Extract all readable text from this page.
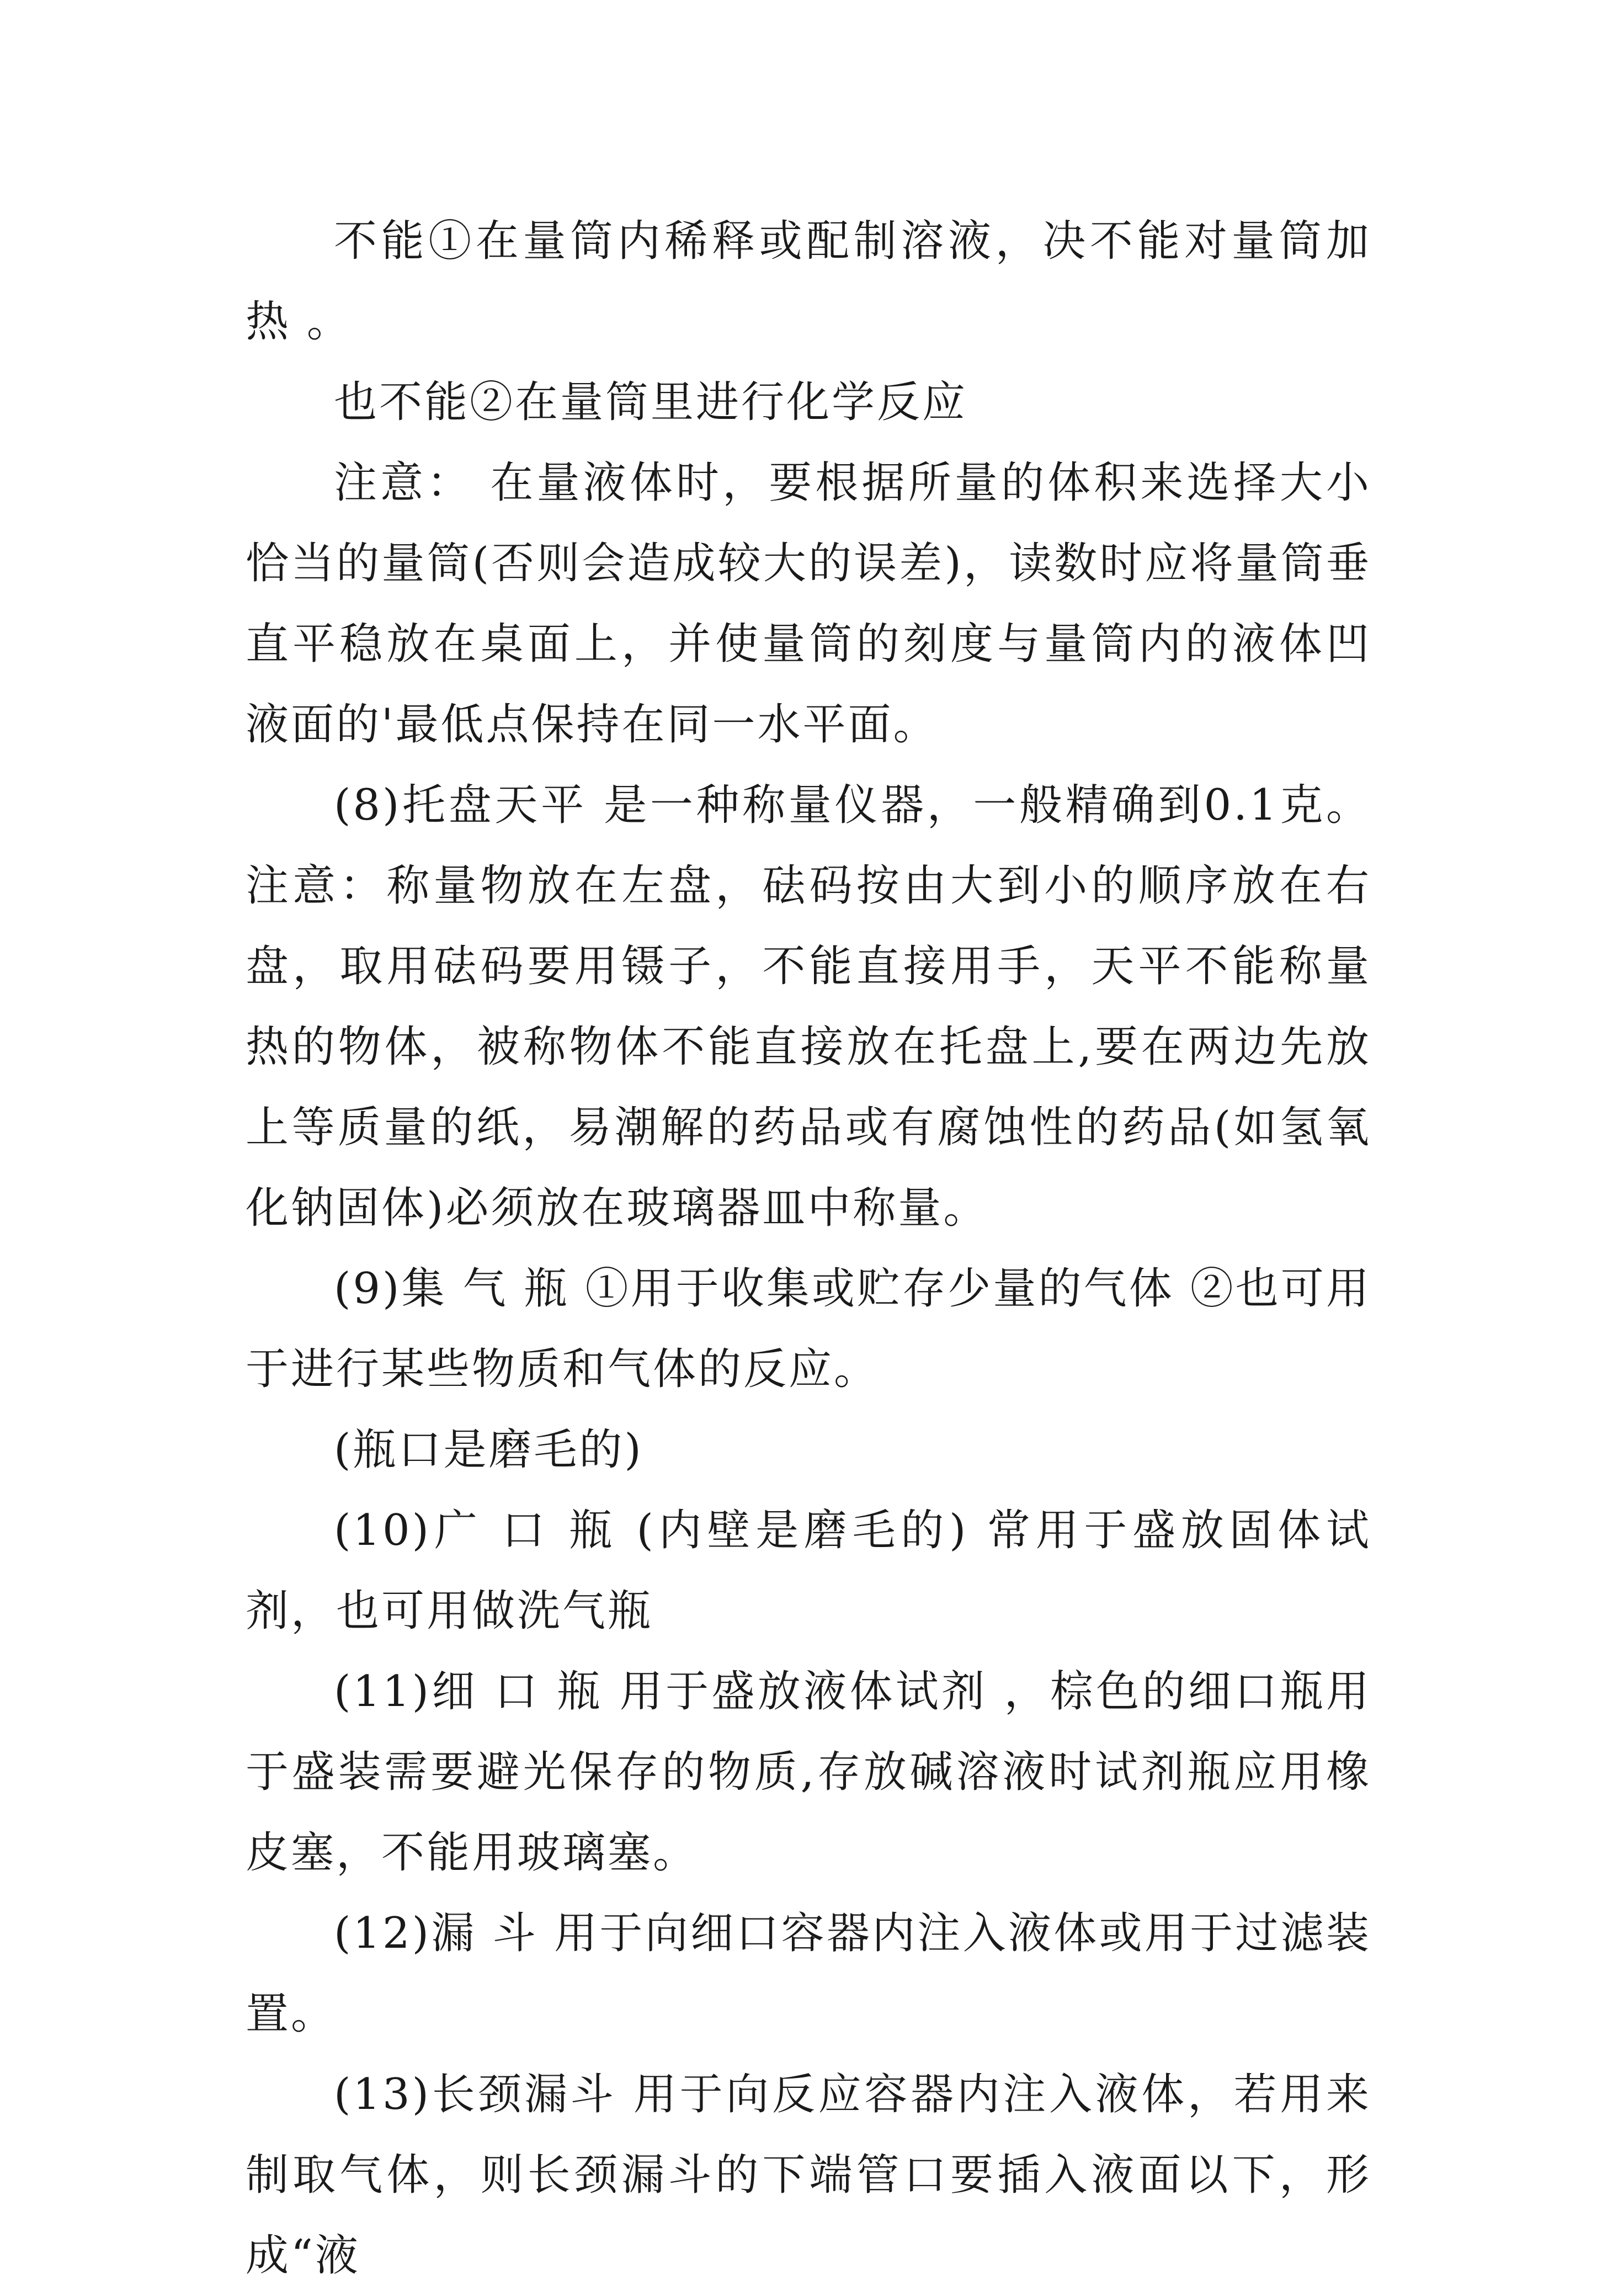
不能①在量筒内稀释或配制溶液，决不能对量筒加热 。

也不能②在量筒里进行化学反应

注意： 在量液体时，要根据所量的体积来选择大小恰当的量筒(否则会造成较大的误差)，读数时应将量筒垂直平稳放在桌面上，并使量筒的刻度与量筒内的液体凹液面的'最低点保持在同一水平面。

(8)托盘天平 是一种称量仪器，一般精确到0.1克。注意：称量物放在左盘，砝码按由大到小的顺序放在右盘，取用砝码要用镊子，不能直接用手，天平不能称量热的物体，被称物体不能直接放在托盘上,要在两边先放上等质量的纸，易潮解的药品或有腐蚀性的药品(如氢氧化钠固体)必须放在玻璃器皿中称量。

(9)集 气 瓶 ①用于收集或贮存少量的气体 ②也可用于进行某些物质和气体的反应。

(瓶口是磨毛的)

(10)广 口 瓶 (内壁是磨毛的) 常用于盛放固体试剂，也可用做洗气瓶

(11)细 口 瓶 用于盛放液体试剂 ，棕色的细口瓶用于盛装需要避光保存的物质,存放碱溶液时试剂瓶应用橡皮塞，不能用玻璃塞。

(12)漏 斗 用于向细口容器内注入液体或用于过滤装置。

(13)长颈漏斗 用于向反应容器内注入液体，若用来制取气体，则长颈漏斗的下端管口要插入液面以下，形成“液
